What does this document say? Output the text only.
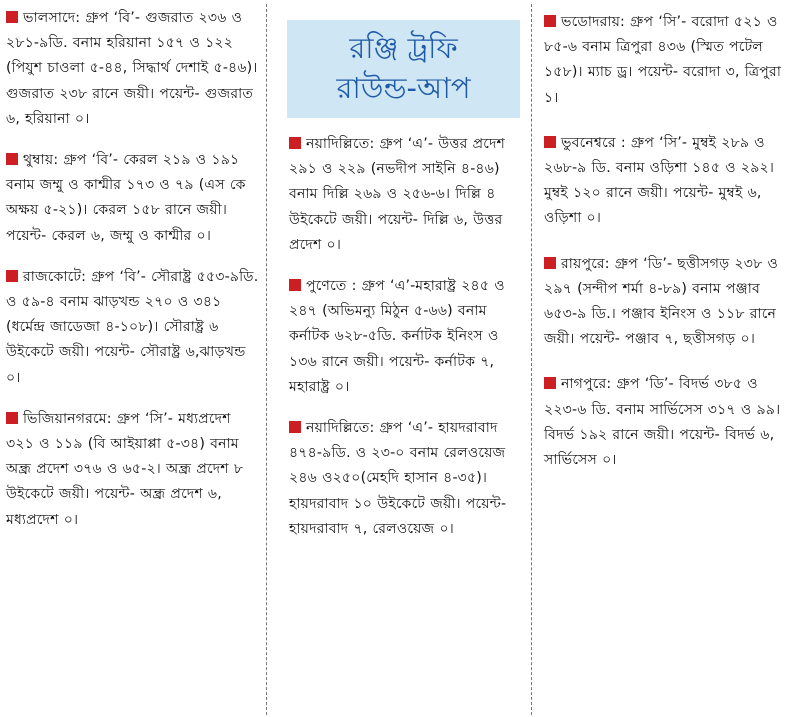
ভালসাদে: গ্রুপ ‘বি’- গুজরাত ২৩৬ ও ২৮১-৯ডি. বনাম হরিয়ানা ১৫৭ ও ১২২ (পিযুশ চাওলা ৫-৪৪, সিদ্ধার্থ দেশাই ৫-৪৬)। গুজরাত ২৩৮ রানে জয়ী। পয়েন্ট- গুজরাত ৬, হরিয়ানা ০।

থুম্বায়: গ্রুপ ‘বি’- কেরল ২১৯ ও ১৯১ বনাম জম্মু ও কাশ্মীর ১৭৩ ও ৭৯ (এস কে অক্ষয় ৫-২১)। কেরল ১৫৮ রানে জয়ী। পয়েন্ট- কেরল ৬, জম্মু ও কাশ্মীর ০।

রাজকোটে: গ্রুপ ‘বি’- সৌরাষ্ট্র ৫৫৩-৯ডি. ও ৫৯-৪ বনাম ঝাড়খন্ড ২৭০ ও ৩৪১ (ধর্মেন্দ্র জাডেজা ৪-১০৮)। সৌরাষ্ট্র ৬ উইকেটে জয়ী। পয়েন্ট- সৌরাষ্ট্র ৬,ঝাড়খন্ড ০।

ভিজিয়ানগরমে: গ্রুপ ‘সি’- মধ্যপ্রদেশ ৩২১ ও ১১৯ (বি আইয়াপ্পা ৫-৩৪) বনাম অন্ধ্র প্রদেশ ৩৭৬ ও ৬৫-২। অন্ধ্র প্রদেশ ৮ উইকেটে জয়ী। পয়েন্ট- অন্ধ্র প্রদেশ ৬, মধ্যপ্রদেশ ০।

রঞ্জি ট্রফি
রাউন্ড-আপ

নয়াদিল্লিতে: গ্রুপ ‘এ’- উত্তর প্রদেশ ২৯১ ও ২২৯ (নভদীপ সাইনি ৪-৪৬) বনাম দিল্লি ২৬৯ ও ২৫৬-৬। দিল্লি ৪ উইকেটে জয়ী। পয়েন্ট- দিল্লি ৬, উত্তর প্রদেশ ০।

পুণেতে : গ্রুপ ‘এ’-মহারাষ্ট্র ২৪৫ ও ২৪৭ (অভিমন্যু মিঠুন ৫-৬৬) বনাম কর্নাটক ৬২৮-৫ডি. কর্নাটক ইনিংস ও ১৩৬ রানে জয়ী। পয়েন্ট- কর্নাটক ৭, মহারাষ্ট্র ০।

নয়াদিল্লিতে: গ্রুপ ‘এ’- হায়দরাবাদ ৪৭৪-৯ডি. ও ২৩-০ বনাম রেলওয়েজ ২৪৬ ও২৫০(মেহদি হাসান ৪-৩৫)। হায়দরাবাদ ১০ উইকেটে জয়ী। পয়েন্ট- হায়দরাবাদ ৭, রেলওয়েজ ০।

ভডোদরায়: গ্রুপ ‘সি’- বরোদা ৫২১ ও ৮৫-৬ বনাম ত্রিপুরা ৪৩৬ (স্মিত পটেল ১৫৮)। ম্যাচ ড্র। পয়েন্ট- বরোদা ৩, ত্রিপুরা ১।

ভুবনেশ্বরে : গ্রুপ ‘সি’- মুম্বই ২৮৯ ও ২৬৮-৯ ডি. বনাম ওড়িশা ১৪৫ ও ২৯২। মুম্বই ১২০ রানে জয়ী। পয়েন্ট- মুম্বই ৬, ওড়িশা ০।

রায়পুরে: গ্রুপ ‘ডি’- ছত্তীসগড় ২৩৮ ও ২৯৭ (সন্দীপ শর্মা ৪-৮৯) বনাম পঞ্জাব ৬৫৩-৯ ডি.। পঞ্জাব ইনিংস ও ১১৮ রানে জয়ী। পয়েন্ট- পঞ্জাব ৭, ছত্তীসগড় ০।

নাগপুরে: গ্রুপ ‘ডি’- বিদর্ভ ৩৮৫ ও ২২৩-৬ ডি. বনাম সার্ভিসেস ৩১৭ ও ৯৯। বিদর্ভ ১৯২ রানে জয়ী। পয়েন্ট- বিদর্ভ ৬, সার্ভিসেস ০।
